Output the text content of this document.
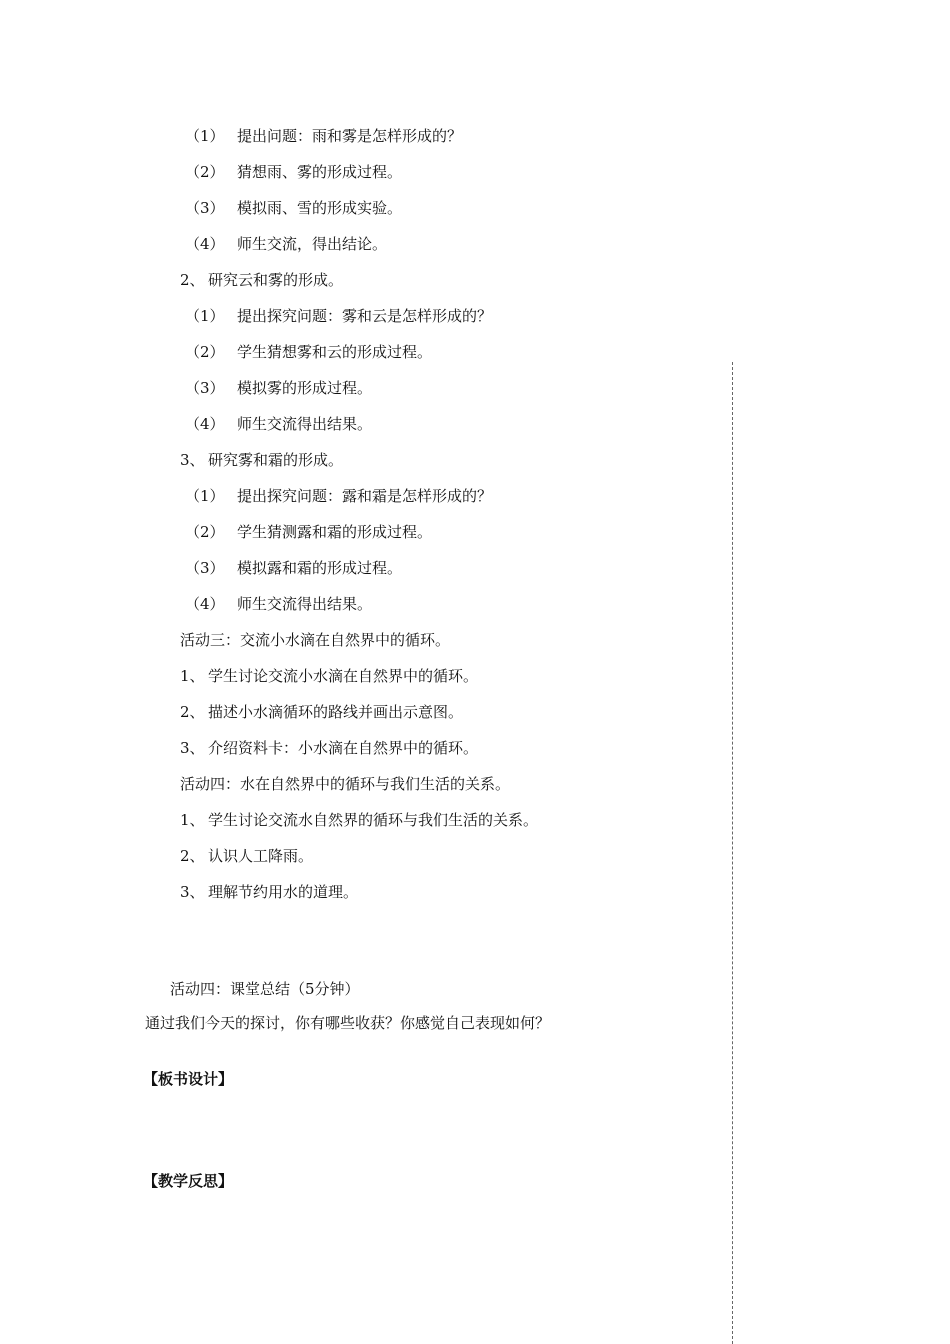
（1） 提出问题：雨和雾是怎样形成的？
（2） 猜想雨、雾的形成过程。
（3） 模拟雨、雪的形成实验。
（4） 师生交流，得出结论。
2、 研究云和雾的形成。
（1） 提出探究问题：雾和云是怎样形成的？
（2） 学生猜想雾和云的形成过程。
（3） 模拟雾的形成过程。
（4） 师生交流得出结果。
3、 研究雾和霜的形成。
（1） 提出探究问题：露和霜是怎样形成的？
（2） 学生猜测露和霜的形成过程。
（3） 模拟露和霜的形成过程。
（4） 师生交流得出结果。
活动三：交流小水滴在自然界中的循环。
1、 学生讨论交流小水滴在自然界中的循环。
2、 描述小水滴循环的路线并画出示意图。
3、 介绍资料卡：小水滴在自然界中的循环。
活动四：水在自然界中的循环与我们生活的关系。
1、 学生讨论交流水自然界的循环与我们生活的关系。
2、 认识人工降雨。
3、 理解节约用水的道理。
活动四：课堂总结（5分钟）
通过我们今天的探讨，你有哪些收获？你感觉自己表现如何？
【板书设计】
【教学反思】
